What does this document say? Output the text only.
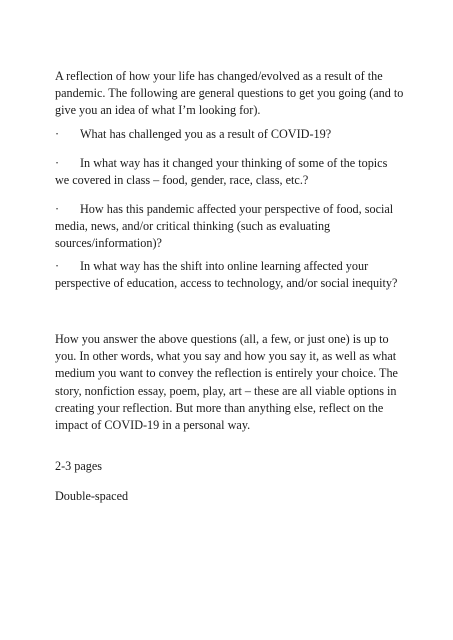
A reflection of how your life has changed/evolved as a result of the pandemic. The following are general questions to get you going (and to give you an idea of what I’m looking for).

· What has challenged you as a result of COVID-19?

· In what way has it changed your thinking of some of the topics we covered in class – food, gender, race, class, etc.?

· How has this pandemic affected your perspective of food, social media, news, and/or critical thinking (such as evaluating sources/information)?

· In what way has the shift into online learning affected your perspective of education, access to technology, and/or social inequity?

How you answer the above questions (all, a few, or just one) is up to you. In other words, what you say and how you say it, as well as what medium you want to convey the reflection is entirely your choice. The story, nonfiction essay, poem, play, art – these are all viable options in creating your reflection. But more than anything else, reflect on the impact of COVID-19 in a personal way.

2-3 pages

Double-spaced
